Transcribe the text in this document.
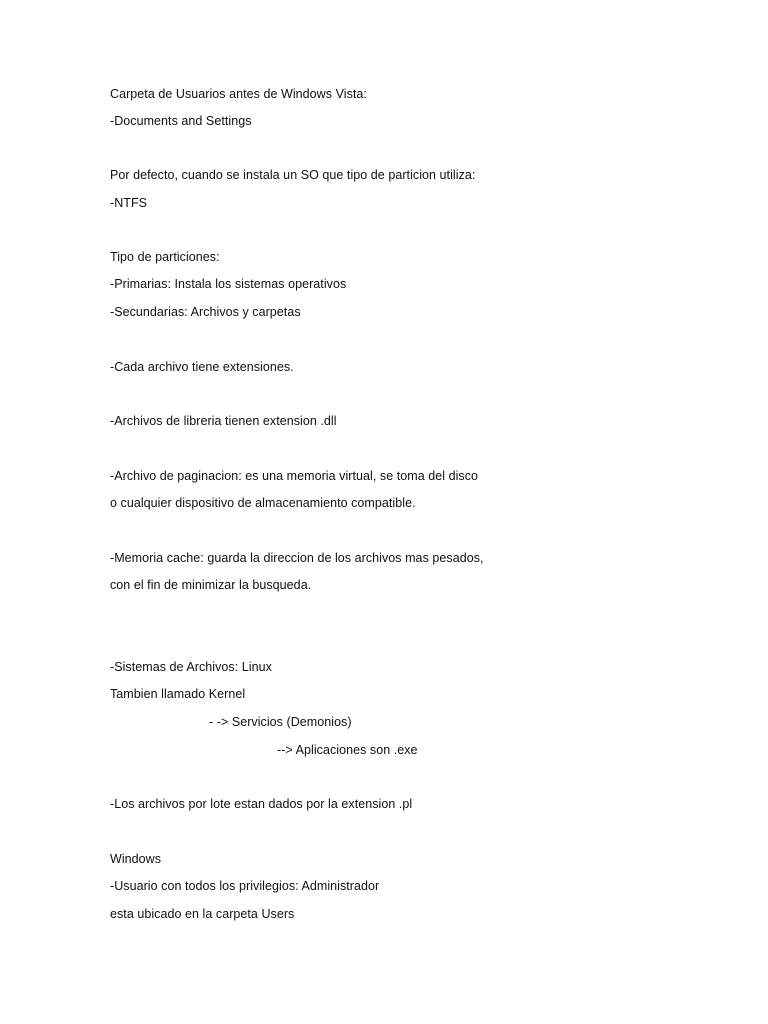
Carpeta de Usuarios antes de Windows Vista:
-Documents and Settings
Por defecto, cuando se instala un SO que tipo de particion utiliza:
-NTFS
Tipo de particiones:
-Primarias: Instala los sistemas operativos
-Secundarias: Archivos y carpetas
-Cada archivo tiene extensiones.
-Archivos de libreria tienen extension .dll
-Archivo de paginacion: es una memoria virtual, se toma del disco
o cualquier dispositivo de almacenamiento compatible.
-Memoria cache: guarda la direccion de los archivos mas pesados,
con el fin de minimizar la busqueda.
-Sistemas de Archivos: Linux
Tambien llamado Kernel
- -> Servicios (Demonios)
--> Aplicaciones son .exe
-Los archivos por lote estan dados por la extension .pl
Windows
-Usuario con todos los privilegios: Administrador
esta ubicado en la carpeta Users
